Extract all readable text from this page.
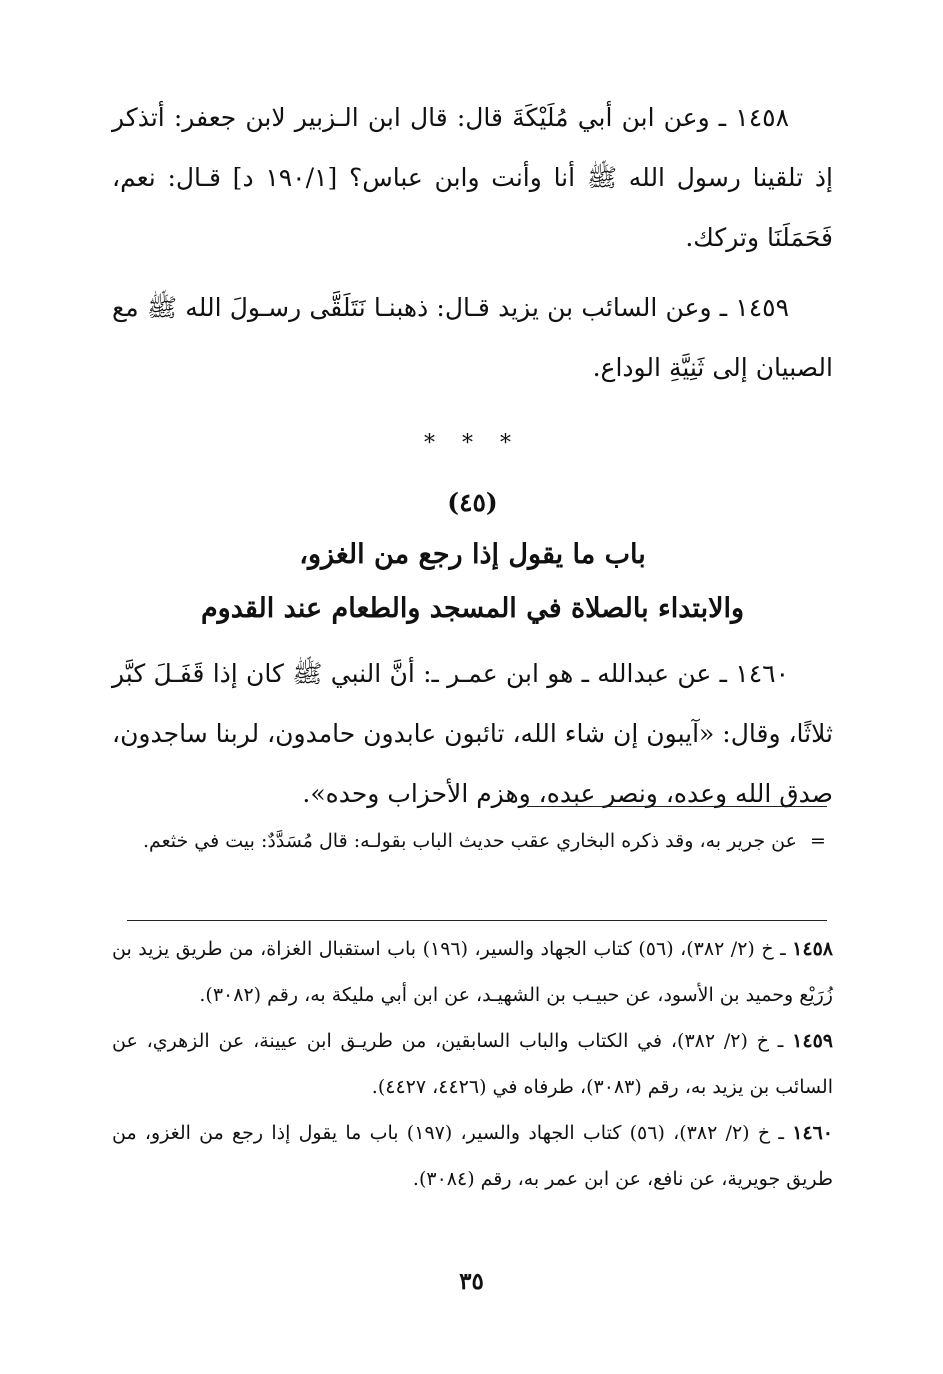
١٤٥٨ ـ وعن ابن أبي مُلَيْكَةَ قال: قال ابن الـزبير لابن جعفر: أتذكر إذ تلقينا رسول الله ﷺ أنا وأنت وابن عباس؟ [١٩٠/١ د] قـال: نعم، فَحَمَلَنَا وتركك.

١٤٥٩ ـ وعن السائب بن يزيد قـال: ذهبنـا نَتَلَقَّى رسـولَ الله ﷺ مع الصبيان إلى ثَنِيَّةِ الوداع.

* * *
(٤٥)
باب ما يقول إذا رجع من الغزو،
والابتداء بالصلاة في المسجد والطعام عند القدوم

١٤٦٠ ـ عن عبدالله ـ هو ابن عمـر ـ: أنَّ النبي ﷺ كان إذا قَفَـلَ كبَّر ثلاثًا، وقال: «آيبون إن شاء الله، تائبون عابدون حامدون، لربنا ساجدون، صدق الله وعده، ونصر عبده، وهزم الأحزاب وحده».

= عن جرير به، وقد ذكره البخاري عقب حديث الباب بقولـه: قال مُسَدَّدٌ: بيت في خثعم.
١٤٥٨ ـ خ (٢/ ٣٨٢)، (٥٦) كتاب الجهاد والسير، (١٩٦) باب استقبال الغزاة، من طريق يزيد بن زُرَيْع وحميد بن الأسود، عن حبيـب بن الشهيـد، عن ابن أبي مليكة به، رقم (٣٠٨٢).
١٤٥٩ ـ خ (٢/ ٣٨٢)، في الكتاب والباب السابقين، من طريـق ابن عيينة، عن الزهري، عن السائب بن يزيد به، رقم (٣٠٨٣)، طرفاه في (٤٤٢٦، ٤٤٢٧).
١٤٦٠ ـ خ (٢/ ٣٨٢)، (٥٦) كتاب الجهاد والسير، (١٩٧) باب ما يقول إذا رجع من الغزو، من طريق جويرية، عن نافع، عن ابن عمر به، رقم (٣٠٨٤).
٣٥
